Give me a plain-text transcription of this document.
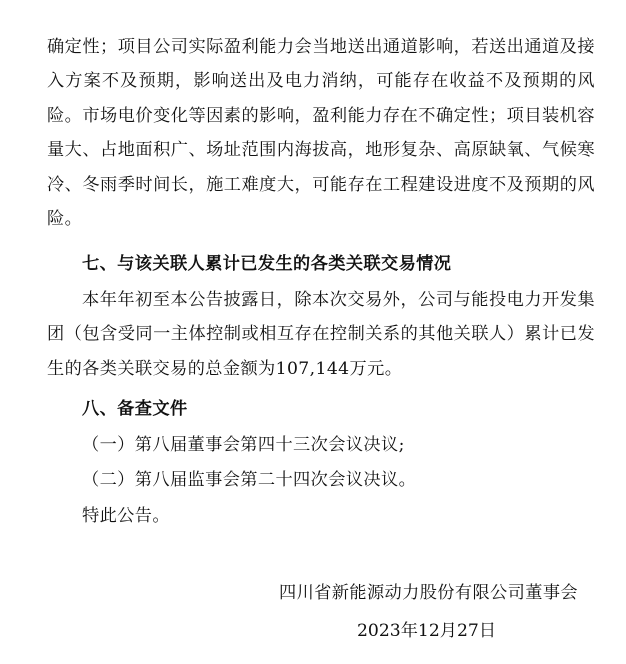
确定性；项目公司实际盈利能力会当地送出通道影响，若送出通道及接入方案不及预期，影响送出及电力消纳，可能存在收益不及预期的风险。市场电价变化等因素的影响，盈利能力存在不确定性；项目装机容量大、占地面积广、场址范围内海拔高，地形复杂、高原缺氧、气候寒冷、冬雨季时间长，施工难度大，可能存在工程建设进度不及预期的风险。

七、与该关联人累计已发生的各类关联交易情况

本年年初至本公告披露日，除本次交易外，公司与能投电力开发集团（包含受同一主体控制或相互存在控制关系的其他关联人）累计已发生的各类关联交易的总金额为107,144万元。

八、备查文件

（一）第八届董事会第四十三次会议决议;

（二）第八届监事会第二十四次会议决议。

特此公告。

四川省新能源动力股份有限公司董事会

2023年12月27日
